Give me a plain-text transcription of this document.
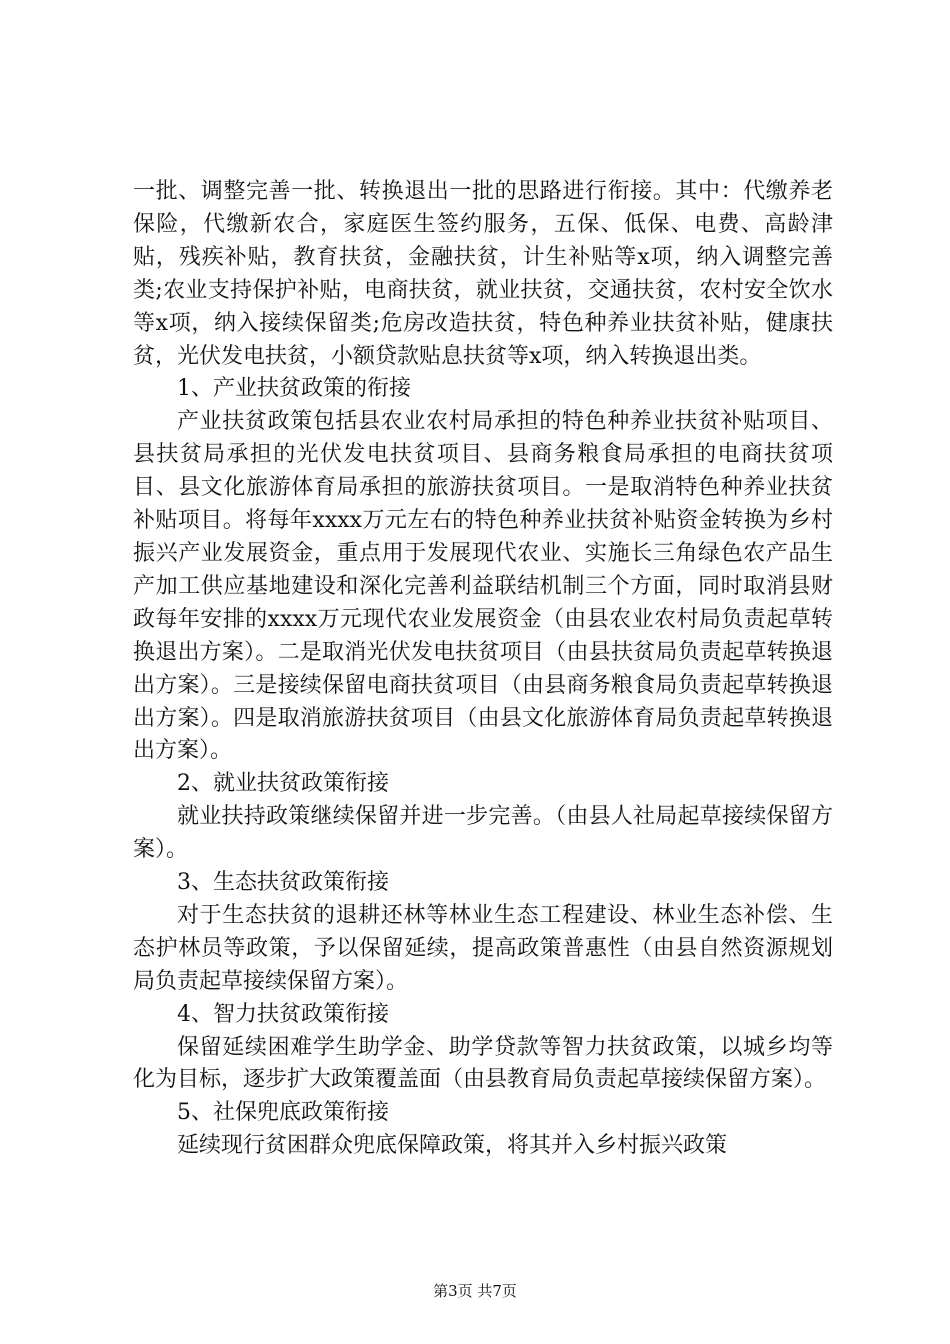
一批、调整完善一批、转换退出一批的思路进行衔接。其中：代缴养老保险，代缴新农合，家庭医生签约服务，五保、低保、电费、高龄津贴，残疾补贴，教育扶贫，金融扶贫，计生补贴等x项，纳入调整完善类;农业支持保护补贴，电商扶贫，就业扶贫，交通扶贫，农村安全饮水等x项，纳入接续保留类;危房改造扶贫，特色种养业扶贫补贴，健康扶贫，光伏发电扶贫，小额贷款贴息扶贫等x项，纳入转换退出类。

1、产业扶贫政策的衔接

产业扶贫政策包括县农业农村局承担的特色种养业扶贫补贴项目、县扶贫局承担的光伏发电扶贫项目、县商务粮食局承担的电商扶贫项目、县文化旅游体育局承担的旅游扶贫项目。一是取消特色种养业扶贫补贴项目。将每年xxxx万元左右的特色种养业扶贫补贴资金转换为乡村振兴产业发展资金，重点用于发展现代农业、实施长三角绿色农产品生产加工供应基地建设和深化完善利益联结机制三个方面，同时取消县财政每年安排的xxxx万元现代农业发展资金（由县农业农村局负责起草转换退出方案）。二是取消光伏发电扶贫项目（由县扶贫局负责起草转换退出方案）。三是接续保留电商扶贫项目（由县商务粮食局负责起草转换退出方案）。四是取消旅游扶贫项目（由县文化旅游体育局负责起草转换退出方案）。

2、就业扶贫政策衔接

就业扶持政策继续保留并进一步完善。（由县人社局起草接续保留方案）。

3、生态扶贫政策衔接

对于生态扶贫的退耕还林等林业生态工程建设、林业生态补偿、生态护林员等政策，予以保留延续，提高政策普惠性（由县自然资源规划局负责起草接续保留方案）。

4、智力扶贫政策衔接

保留延续困难学生助学金、助学贷款等智力扶贫政策，以城乡均等化为目标，逐步扩大政策覆盖面（由县教育局负责起草接续保留方案）。

5、社保兜底政策衔接

延续现行贫困群众兜底保障政策，将其并入乡村振兴政策

第3页 共7页
